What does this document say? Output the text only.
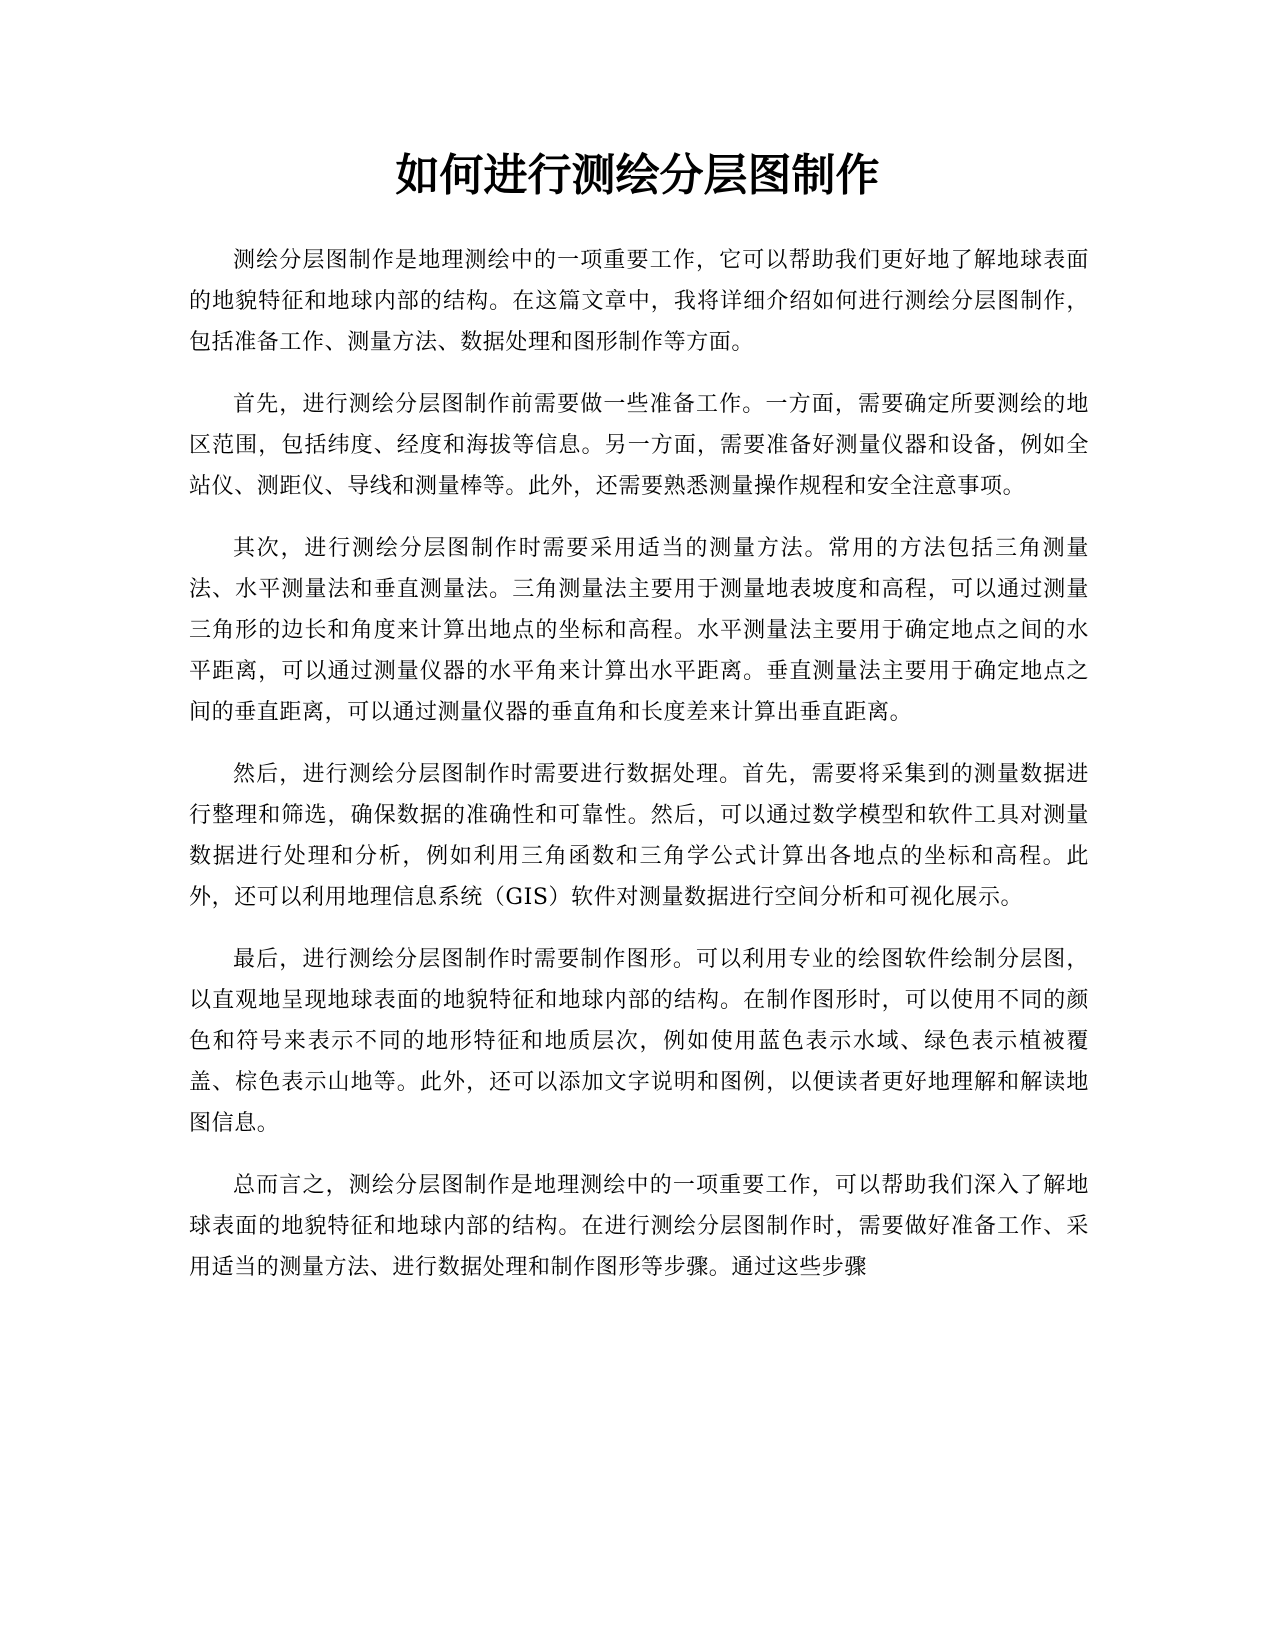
如何进行测绘分层图制作

测绘分层图制作是地理测绘中的一项重要工作，它可以帮助我们更好地了解地球表面的地貌特征和地球内部的结构。在这篇文章中，我将详细介绍如何进行测绘分层图制作，包括准备工作、测量方法、数据处理和图形制作等方面。

首先，进行测绘分层图制作前需要做一些准备工作。一方面，需要确定所要测绘的地区范围，包括纬度、经度和海拔等信息。另一方面，需要准备好测量仪器和设备，例如全站仪、测距仪、导线和测量棒等。此外，还需要熟悉测量操作规程和安全注意事项。

其次，进行测绘分层图制作时需要采用适当的测量方法。常用的方法包括三角测量法、水平测量法和垂直测量法。三角测量法主要用于测量地表坡度和高程，可以通过测量三角形的边长和角度来计算出地点的坐标和高程。水平测量法主要用于确定地点之间的水平距离，可以通过测量仪器的水平角来计算出水平距离。垂直测量法主要用于确定地点之间的垂直距离，可以通过测量仪器的垂直角和长度差来计算出垂直距离。

然后，进行测绘分层图制作时需要进行数据处理。首先，需要将采集到的测量数据进行整理和筛选，确保数据的准确性和可靠性。然后，可以通过数学模型和软件工具对测量数据进行处理和分析，例如利用三角函数和三角学公式计算出各地点的坐标和高程。此外，还可以利用地理信息系统（GIS）软件对测量数据进行空间分析和可视化展示。

最后，进行测绘分层图制作时需要制作图形。可以利用专业的绘图软件绘制分层图，以直观地呈现地球表面的地貌特征和地球内部的结构。在制作图形时，可以使用不同的颜色和符号来表示不同的地形特征和地质层次，例如使用蓝色表示水域、绿色表示植被覆盖、棕色表示山地等。此外，还可以添加文字说明和图例，以便读者更好地理解和解读地图信息。

总而言之，测绘分层图制作是地理测绘中的一项重要工作，可以帮助我们深入了解地球表面的地貌特征和地球内部的结构。在进行测绘分层图制作时，需要做好准备工作、采用适当的测量方法、进行数据处理和制作图形等步骤。通过这些步骤
